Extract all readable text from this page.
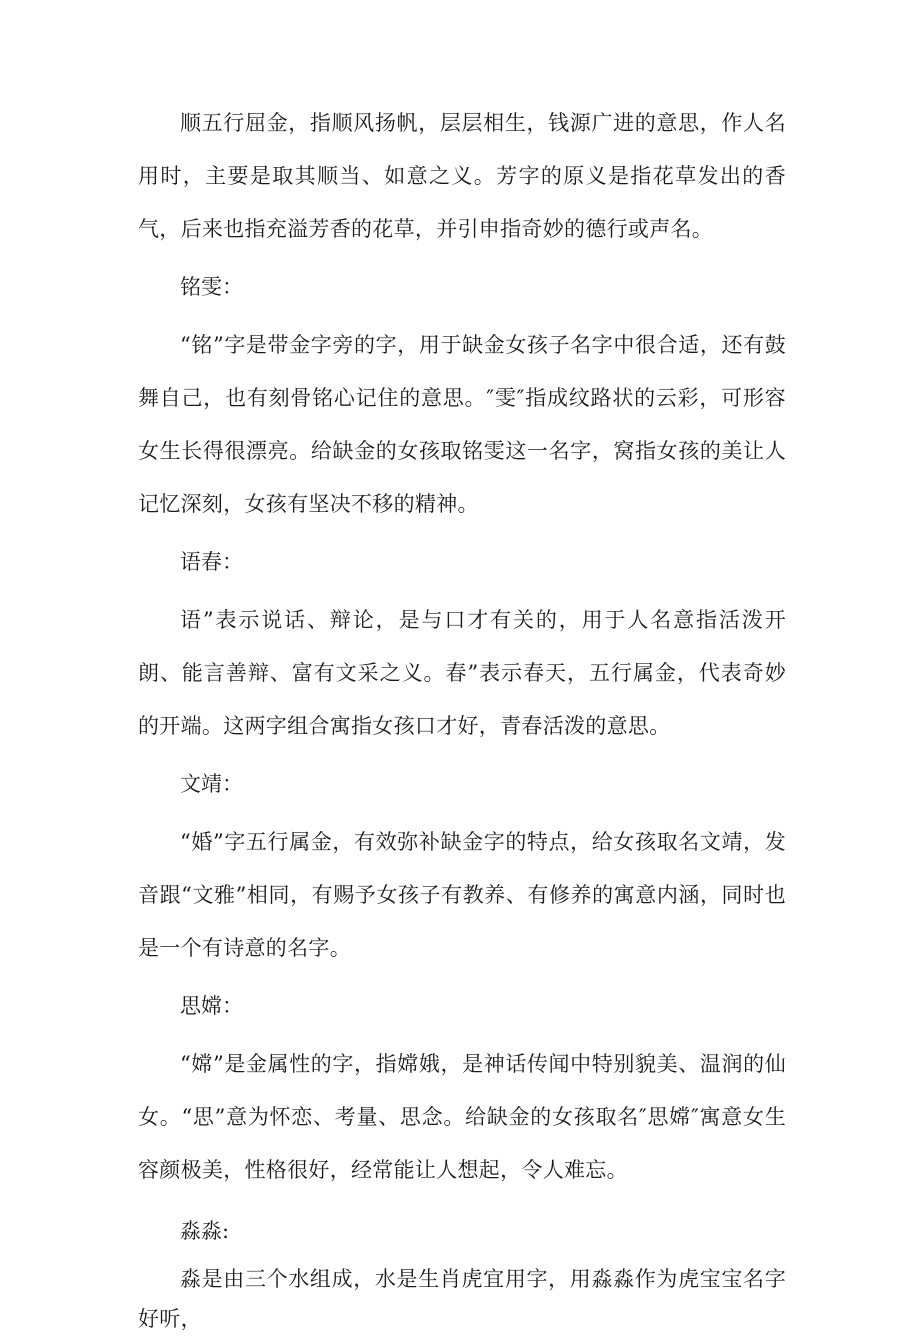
顺五行屈金，指顺风扬帆，层层相生，钱源广进的意思，作人名用时，主要是取其顺当、如意之义。芳字的原义是指花草发出的香气，后来也指充溢芳香的花草，并引申指奇妙的德行或声名。

铭雯：

“铭”字是带金字旁的字，用于缺金女孩子名字中很合适，还有鼓舞自己，也有刻骨铭心记住的意思。″雯″指成纹路状的云彩，可形容女生长得很漂亮。给缺金的女孩取铭雯这一名字，窝指女孩的美让人记忆深刻，女孩有坚决不移的精神。

语春：

语”表示说话、辩论，是与口才有关的，用于人名意指活泼开朗、能言善辩、富有文采之义。春”表示春天，五行属金，代表奇妙的开端。这两字组合寓指女孩口才好，青春活泼的意思。

文靖：

“婚”字五行属金，有效弥补缺金字的特点，给女孩取名文靖，发音跟“文雅”相同，有赐予女孩子有教养、有修养的寓意内涵，同时也是一个有诗意的名字。

思嫦：

“嫦”是金属性的字，指嫦娥，是神话传闻中特别貌美、温润的仙女。“思”意为怀恋、考量、思念。给缺金的女孩取名″思嫦″寓意女生容颜极美，性格很好，经常能让人想起，令人难忘。

淼淼:

淼是由三个水组成，水是生肖虎宜用字，用淼淼作为虎宝宝名字好听，
